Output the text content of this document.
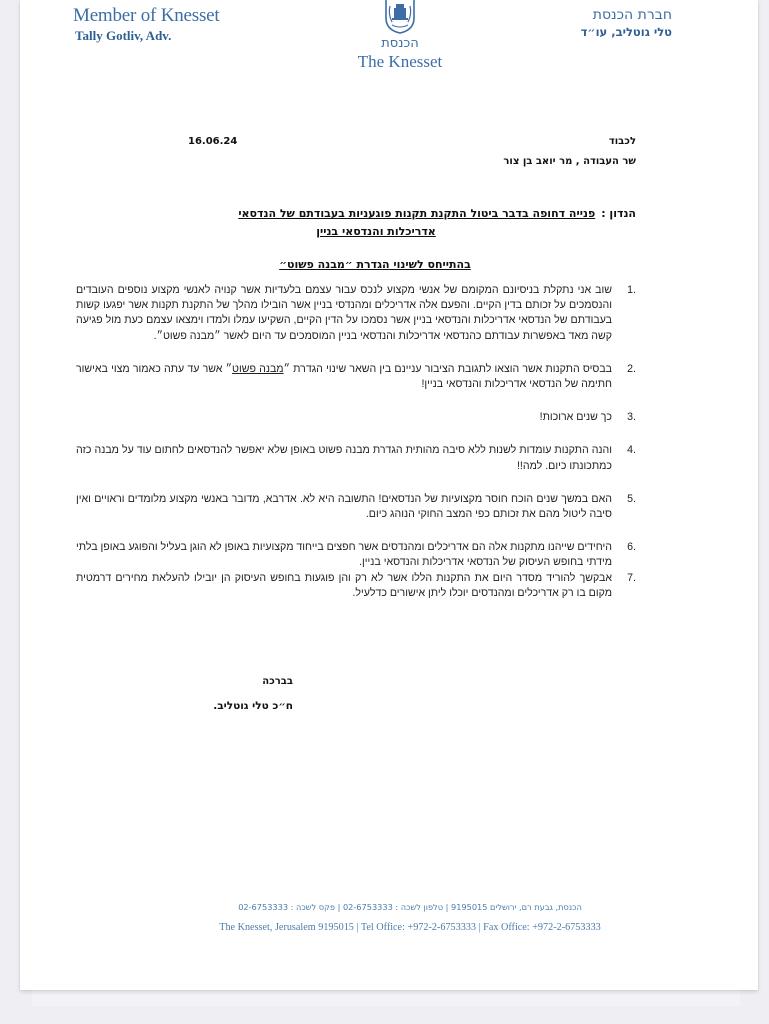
Member of Knesset
Tally Gotliv, Adv.
הכנסת
The Knesset
חברת הכנסת
טלי גוטליב, עו״ד
16.06.24	לכבוד
שר העבודה , מר יואב בן צור
הנדון :פנייה דחופה בדבר ביטול התקנת תקנות פוגעניות בעבודתם של הנדסאי
אדריכלות והנדסאי בניין
בהתייחס לשינוי הגדרת ״מבנה פשוט״
1.
שוב אני נתקלת בניסיונם המקומם של אנשי מקצוע לנכס עבור עצמם בלעדיות אשר קנויה לאנשי מקצוע נוספים העובדים והנסמכים על זכותם בדין הקיים. והפעם אלה אדריכלים ומהנדסי בניין אשר הובילו מהלך של התקנת תקנות אשר יפגעו קשות בעבודתם של הנדסאי אדריכלות והנדסאי בניין אשר נסמכו על הדין הקיים, השקיעו עמלו ולמדו וימצאו עצמם כעת מול פגיעה קשה מאד באפשרות עבודתם כהנדסאי אדריכלות והנדסאי בניין המוסמכים עד היום לאשר ״מבנה פשוט״.
2.
בבסיס התקנות אשר הוצאו לתגובת הציבור עניינם בין השאר שינוי הגדרת ״מבנה פשוט״ אשר עד עתה כאמור מצוי באישור חתימה של הנדסאי אדריכלות והנדסאי בניין!
3.
כך שנים ארוכות!
4.
והנה התקנות עומדות לשנות ללא סיבה מהותית הגדרת מבנה פשוט באופן שלא יאפשר להנדסאים לחתום עוד על מבנה כזה כמתכונתו כיום. למה!!
5.
האם במשך שנים הוכח חוסר מקצועיות של הנדסאים! התשובה היא לא. אדרבא, מדובר באנשי מקצוע מלומדים וראויים ואין סיבה ליטול מהם את זכותם כפי המצב החוקי הנוהג כיום.
6.
היחידים שייהנו מתקנות אלה הם אדריכלים ומהנדסים אשר חפצים בייחוד מקצועיות באופן לא הוגן בעליל והפוגע באופן בלתי מידתי בחופש העיסוק של הנדסאי אדריכלות והנדסאי בניין.
7.
אבקשך להוריד מסדר היום את התקנות הללו אשר לא רק והן פוגעות בחופש העיסוק הן יובילו להעלאת מחירים דרמטית מקום בו רק אדריכלים ומהנדסים יוכלו ליתן אישורים כדלעיל.
בברכה
ח״כ טלי גוטליב.
הכנסת, גבעת רם, ירושלים 9195015 | טלפון לשכה : 02-6753333 | פקס לשכה : 02-6753333
The Knesset, Jerusalem 9195015 | Tel Office: +972-2-6753333 | Fax Office: +972-2-6753333
